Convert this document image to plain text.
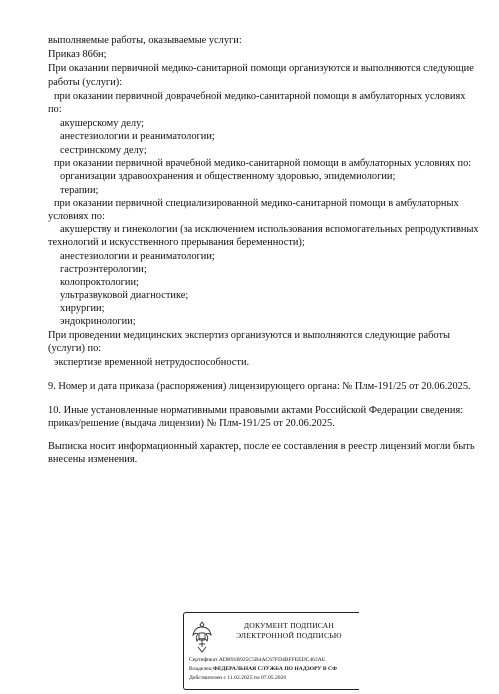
выполняемые работы, оказываемые услуги:
Приказ 866н;
При оказании первичной медико-санитарной помощи организуются и выполняются следующие
работы (услуги):
при оказании первичной доврачебной медико-санитарной помощи в амбулаторных условиях
по:
акушерскому делу;
анестезиологии и реаниматологии;
сестринскому делу;
при оказании первичной врачебной медико-санитарной помощи в амбулаторных условиях по:
организации здравоохранения и общественному здоровью, эпидемиологии;
терапии;
при оказании первичной специализированной медико-санитарной помощи в амбулаторных
условиях по:
акушерству и гинекологии (за исключением использования вспомогательных репродуктивных
технологий и искусственного прерывания беременности);
анестезиологии и реаниматологии;
гастроэнтерологии;
колопроктологии;
ультразвуковой диагностике;
хирургии;
эндокринологии;
При проведении медицинских экспертиз организуются и выполняются следующие работы
(услуги) по:
экспертизе временной нетрудоспособности.
9. Номер и дата приказа (распоряжения) лицензирующего органа: № Плм-191/25 от 20.06.2025.
10. Иные установленные нормативными правовыми актами Российской Федерации сведения:
приказ/решение (выдача лицензии) № Плм-191/25 от 20.06.2025.
Выписка носит информационный характер, после ее составления в реестр лицензий могли быть
внесены изменения.
ДОКУМЕНТ ПОДПИСАН
ЭЛЕКТРОННОЙ ПОДПИСЬЮ
Сертификат ADB91B925C5B4AC67FD4BFFEEDC463AE
Владелец ФЕДЕРАЛЬНАЯ СЛУЖБА ПО НАДЗОРУ В СФ
Действителен с 11.02.2025 по 07.05.2026
